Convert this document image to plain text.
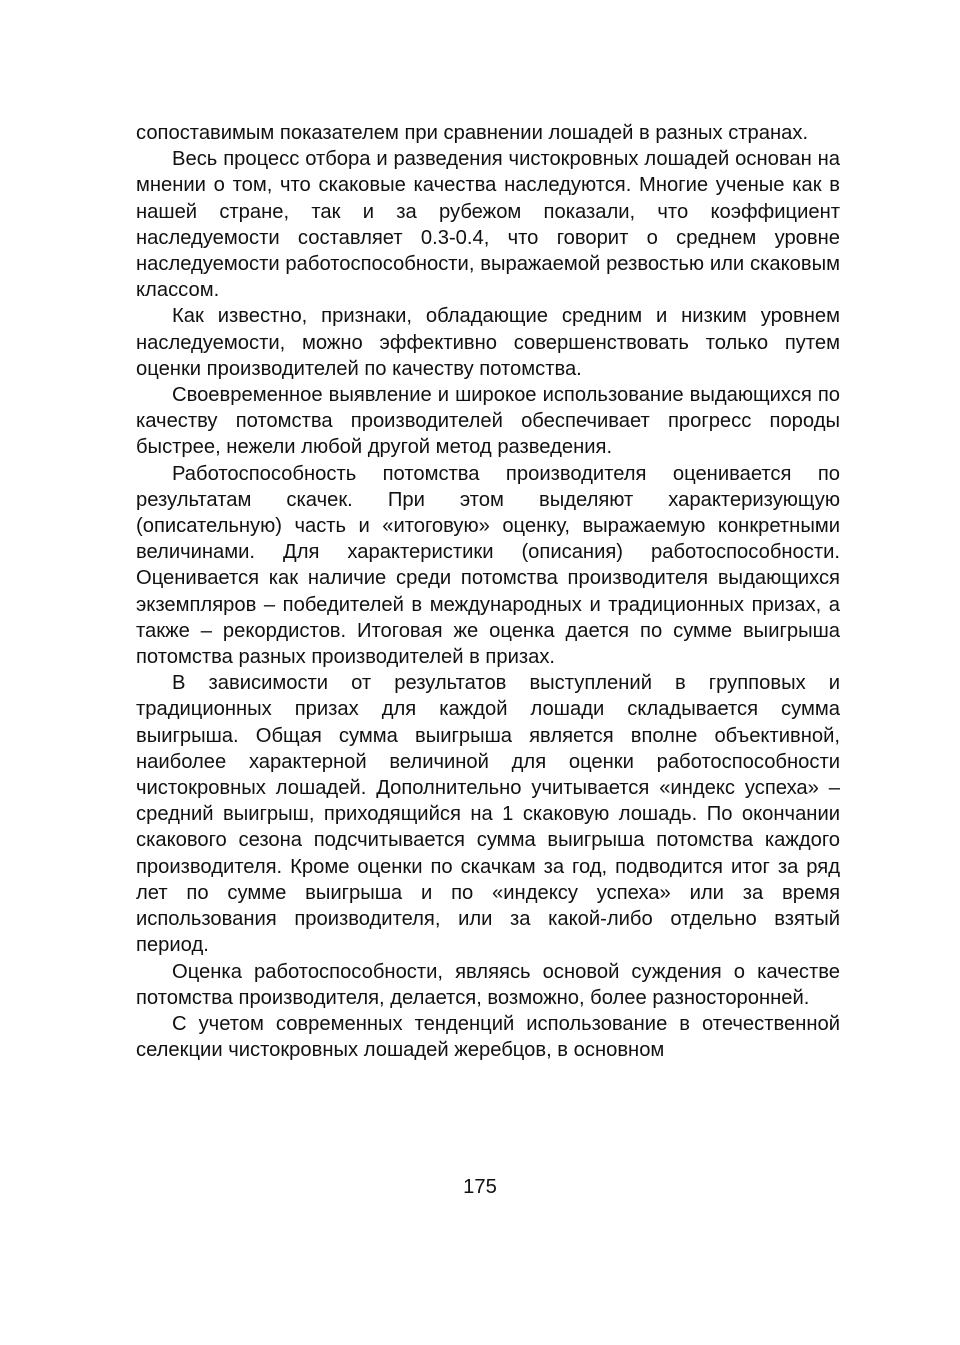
сопоставимым показателем при сравнении лошадей в разных странах.

Весь процесс отбора и разведения чистокровных лошадей основан на мнении о том, что скаковые качества наследуются. Многие ученые как в нашей стране, так и за рубежом показали, что коэффициент наследуемости составляет 0.3-0.4, что говорит о среднем уровне наследуемости работоспособности, выражаемой резвостью или скаковым классом.

Как известно, признаки, обладающие средним и низким уровнем наследуемости, можно эффективно совершенствовать только путем оценки производителей по качеству потомства.

Своевременное выявление и широкое использование выдающихся по качеству потомства производителей обеспечивает прогресс породы быстрее, нежели любой другой метод разведения.

Работоспособность потомства производителя оценивается по результатам скачек. При этом выделяют характеризующую (описательную) часть и «итоговую» оценку, выражаемую конкретными величинами. Для характеристики (описания) работоспособности. Оценивается как наличие среди потомства производителя выдающихся экземпляров – победителей в международных и традиционных призах, а также – рекордистов. Итоговая же оценка дается по сумме выигрыша потомства разных производителей в призах.

В зависимости от результатов выступлений в групповых и традиционных призах для каждой лошади складывается сумма выигрыша. Общая сумма выигрыша является вполне объективной, наиболее характерной величиной для оценки работоспособности чистокровных лошадей. Дополнительно учитывается «индекс успеха» – средний выигрыш, приходящийся на 1 скаковую лошадь. По окончании скакового сезона подсчитывается сумма выигрыша потомства каждого производителя. Кроме оценки по скачкам за год, подводится итог за ряд лет по сумме выигрыша и по «индексу успеха» или за время использования производителя, или за какой-либо отдельно взятый период.

Оценка работоспособности, являясь основой суждения о качестве потомства производителя, делается, возможно, более разносторонней.

С учетом современных тенденций использование в отечественной селекции чистокровных лошадей жеребцов, в основном

175
